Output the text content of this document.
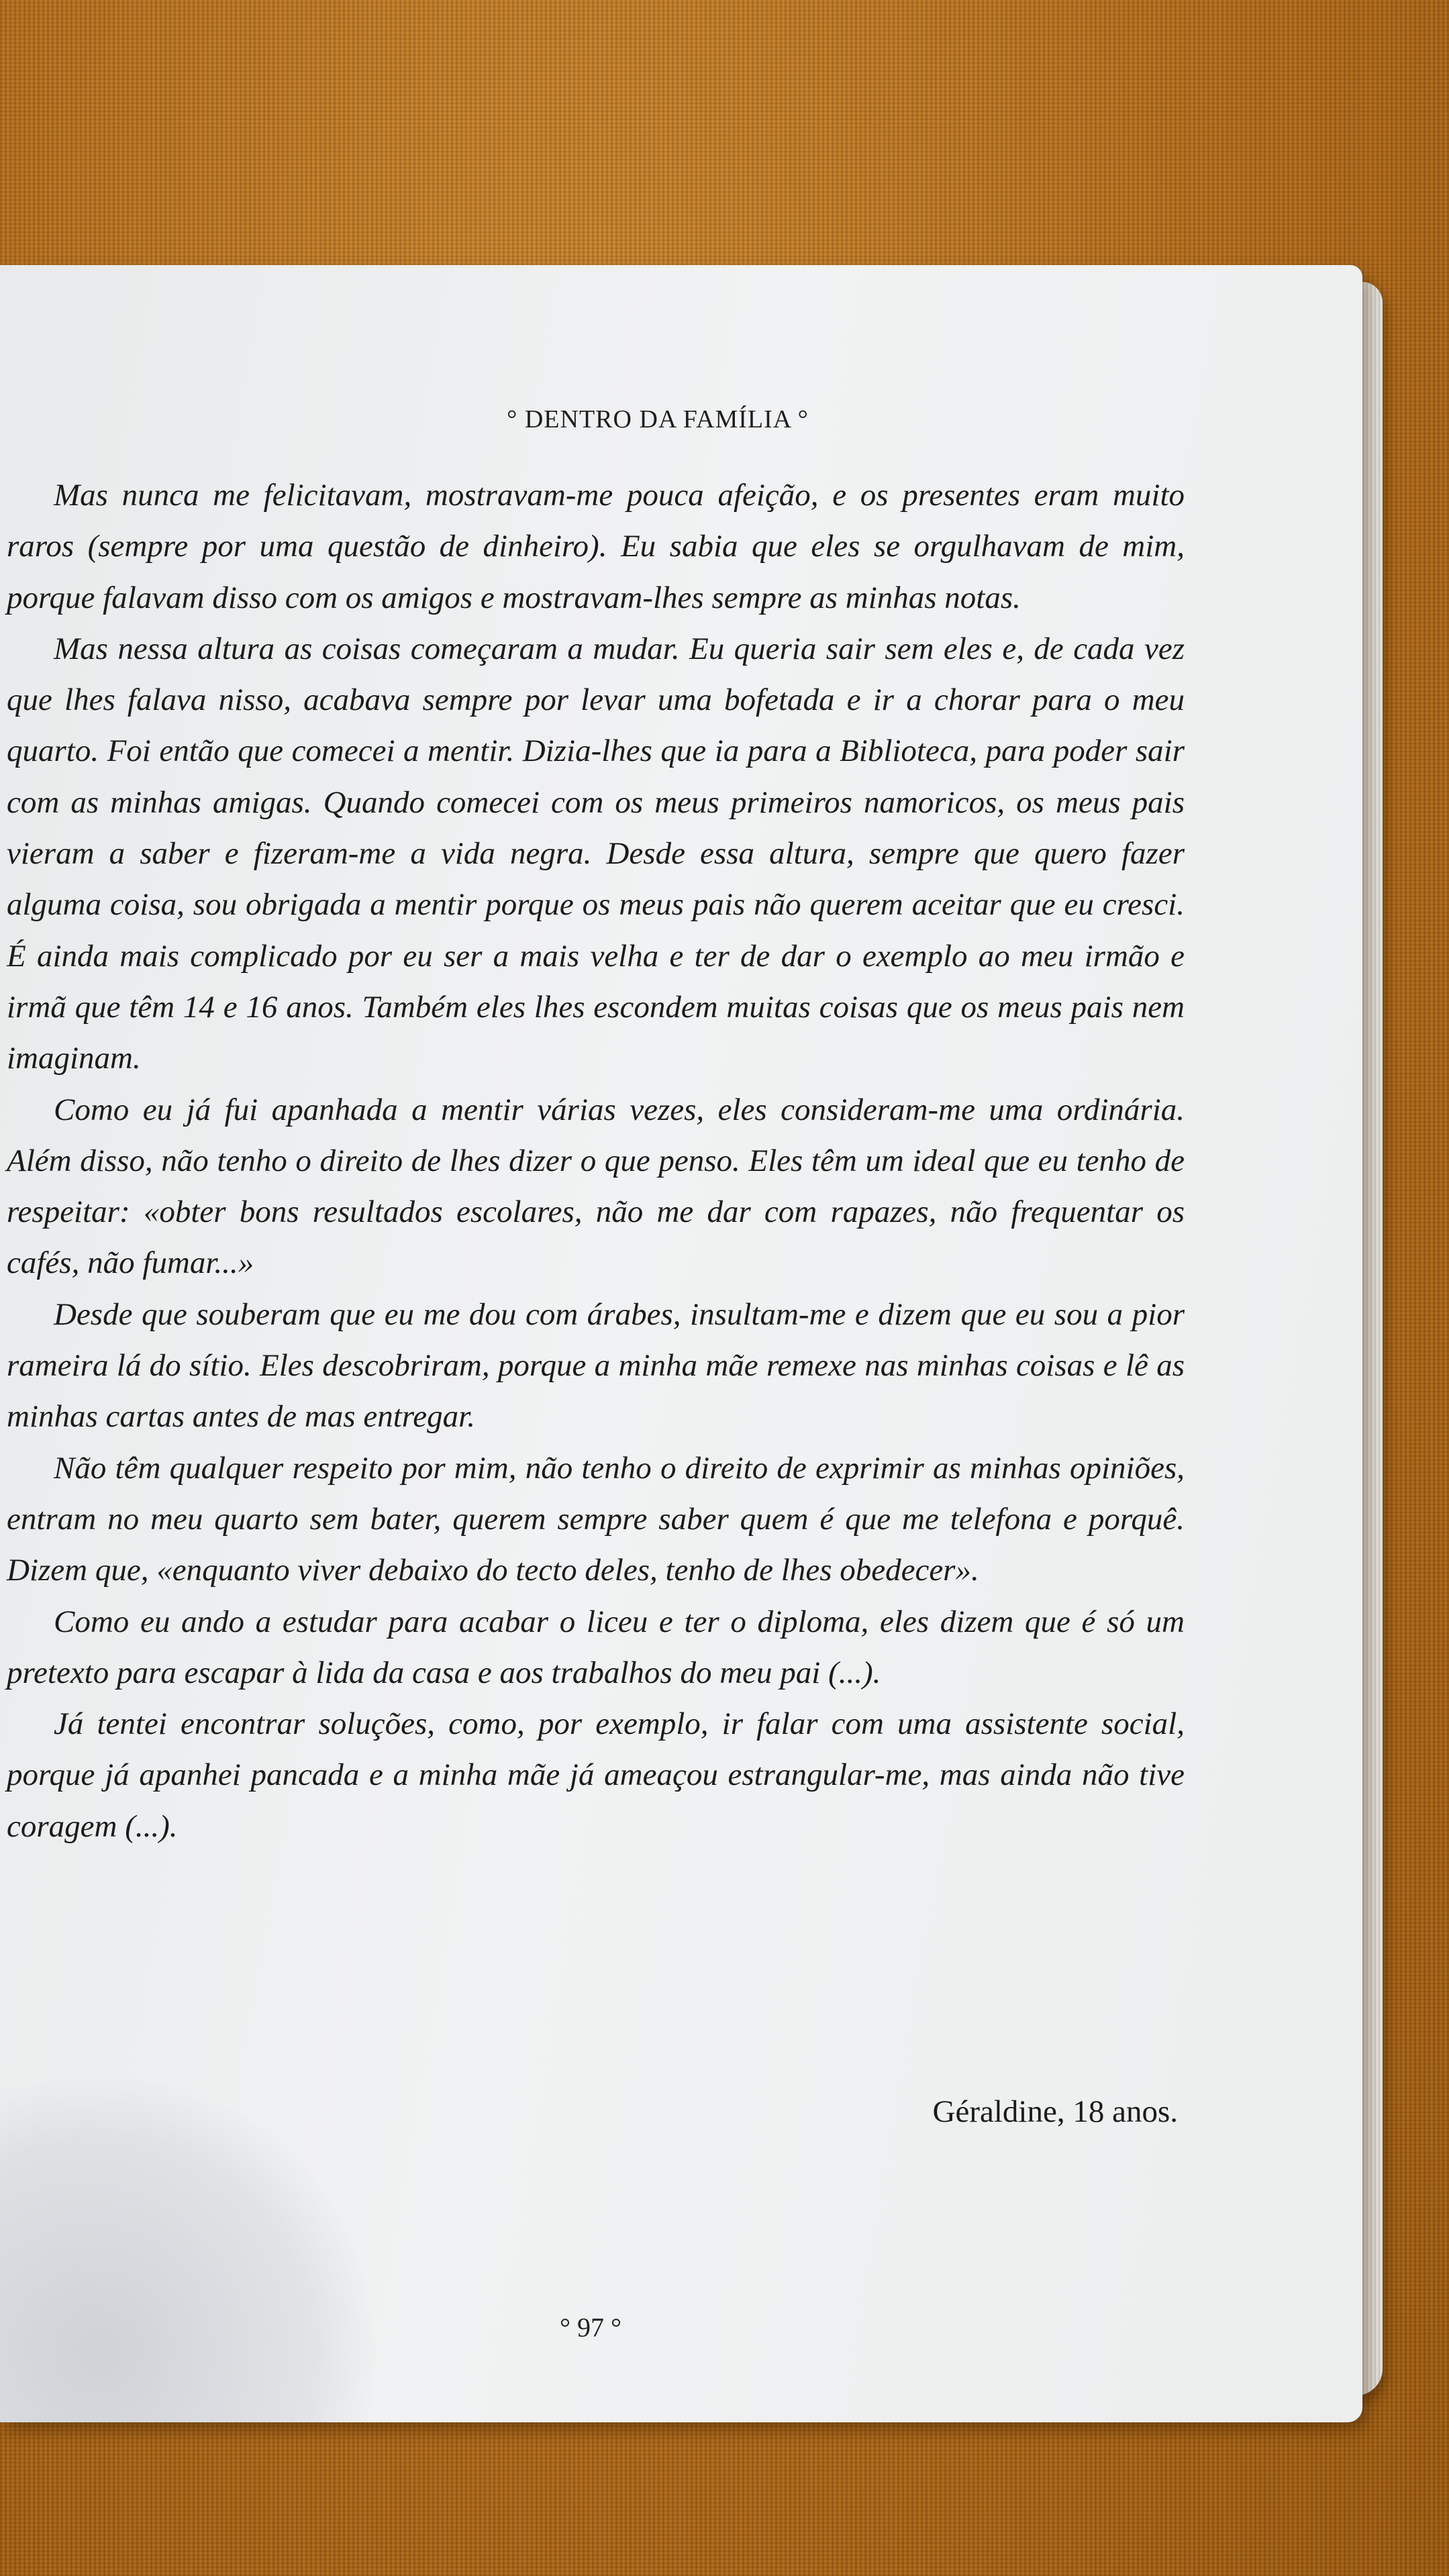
° DENTRO DA FAMÍLIA °

Mas nunca me felicitavam, mostravam-me pouca afeição, e os presentes eram muito raros (sempre por uma questão de dinheiro). Eu sabia que eles se orgulhavam de mim, porque falavam disso com os amigos e mostravam-lhes sempre as minhas notas.

Mas nessa altura as coisas começaram a mudar. Eu queria sair sem eles e, de cada vez que lhes falava nisso, acabava sempre por levar uma bofetada e ir a chorar para o meu quarto. Foi então que comecei a mentir. Dizia-lhes que ia para a Biblioteca, para poder sair com as minhas amigas. Quando comecei com os meus primeiros namoricos, os meus pais vieram a saber e fizeram-me a vida negra. Desde essa altura, sempre que quero fazer alguma coisa, sou obrigada a mentir porque os meus pais não querem aceitar que eu cresci. É ainda mais complicado por eu ser a mais velha e ter de dar o exemplo ao meu irmão e irmã que têm 14 e 16 anos. Também eles lhes escondem muitas coisas que os meus pais nem imaginam.

Como eu já fui apanhada a mentir várias vezes, eles consideram-me uma ordinária. Além disso, não tenho o direito de lhes dizer o que penso. Eles têm um ideal que eu tenho de respeitar: «obter bons resultados escolares, não me dar com rapazes, não frequentar os cafés, não fumar...»

Desde que souberam que eu me dou com árabes, insultam-me e dizem que eu sou a pior rameira lá do sítio. Eles descobriram, porque a minha mãe remexe nas minhas coisas e lê as minhas cartas antes de mas entregar.

Não têm qualquer respeito por mim, não tenho o direito de exprimir as minhas opiniões, entram no meu quarto sem bater, querem sempre saber quem é que me telefona e porquê. Dizem que, «enquanto viver debaixo do tecto deles, tenho de lhes obedecer».

Como eu ando a estudar para acabar o liceu e ter o diploma, eles dizem que é só um pretexto para escapar à lida da casa e aos trabalhos do meu pai (...).

Já tentei encontrar soluções, como, por exemplo, ir falar com uma assistente social, porque já apanhei pancada e a minha mãe já ameaçou estrangular-me, mas ainda não tive coragem (...).

Géraldine, 18 anos.
° 97 °
